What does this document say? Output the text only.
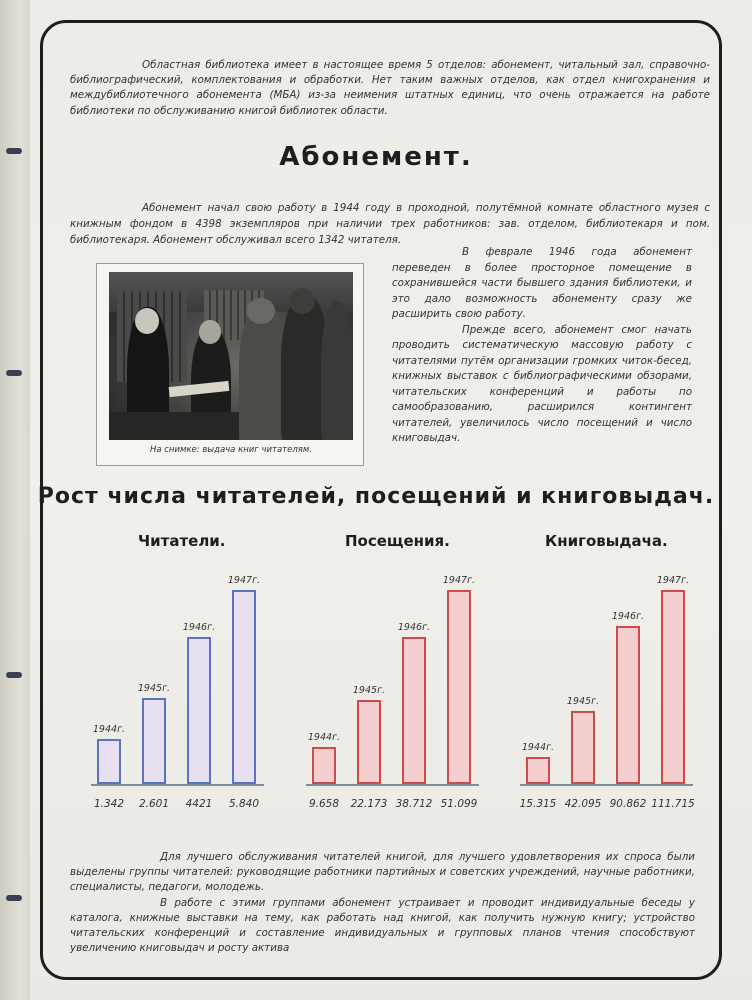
Областная библиотека имеет в настоящее время 5 отделов: абонемент, читальный зал, справочно-библиографический, комплектования и обработки. Нет таким важных отделов, как отдел книгохранения и междубиблиотечного абонемента (МБА) из-за неимения штатных единиц, что очень отражается на работе библиотеки по обслуживанию книгой библиотек области.
Абонемент.
Абонемент начал свою работу в 1944 году в проходной, полутёмной комнате областного музея с книжным фондом в 4398 экземпляров при наличии трех работников: зав. отделом, библиотекаря и пом. библиотекаря. Абонемент обслуживал всего 1342 читателя.
На снимке: выдача книг читателям.

В феврале 1946 года абонемент переведен в более просторное помещение в сохранившейся части бывшего здания библиотеки, и это дало возможность абонементу сразу же расширить свою работу.

Прежде всего, абонемент смог начать проводить систематическую массовую работу с читателями путём организации громких читок-бесед, книжных выставок с библиографическими обзорами, читательских конференций и работы по самообразованию, расширился контингент читателей, увеличилось число посещений и число книговыдач.

Рост числа читателей, посещений и книговыдач.
Читатели.
1944г.
1.342
1945г.
2.601
1946г.
4421
1947г.
5.840
Посещения.
1944г.
9.658
1945г.
22.173
1946г.
38.712
1947г.
51.099
Книговыдача.
1944г.
15.315
1945г.
42.095
1946г.
90.862
1947г.
111.715

Для лучшего обслуживания читателей книгой, для лучшего удовлетворения их спроса были выделены группы читателей: руководящие работники партийных и советских учреждений, научные работники, специалисты, педагоги, молодежь.

В работе с этими группами абонемент устраивает и проводит индивидуальные беседы у каталога, книжные выставки на тему, как работать над книгой, как получить нужную книгу; устройство читательских конференций и составление индивидуальных и групповых планов чтения способствуют увеличению книговыдач и росту актива
